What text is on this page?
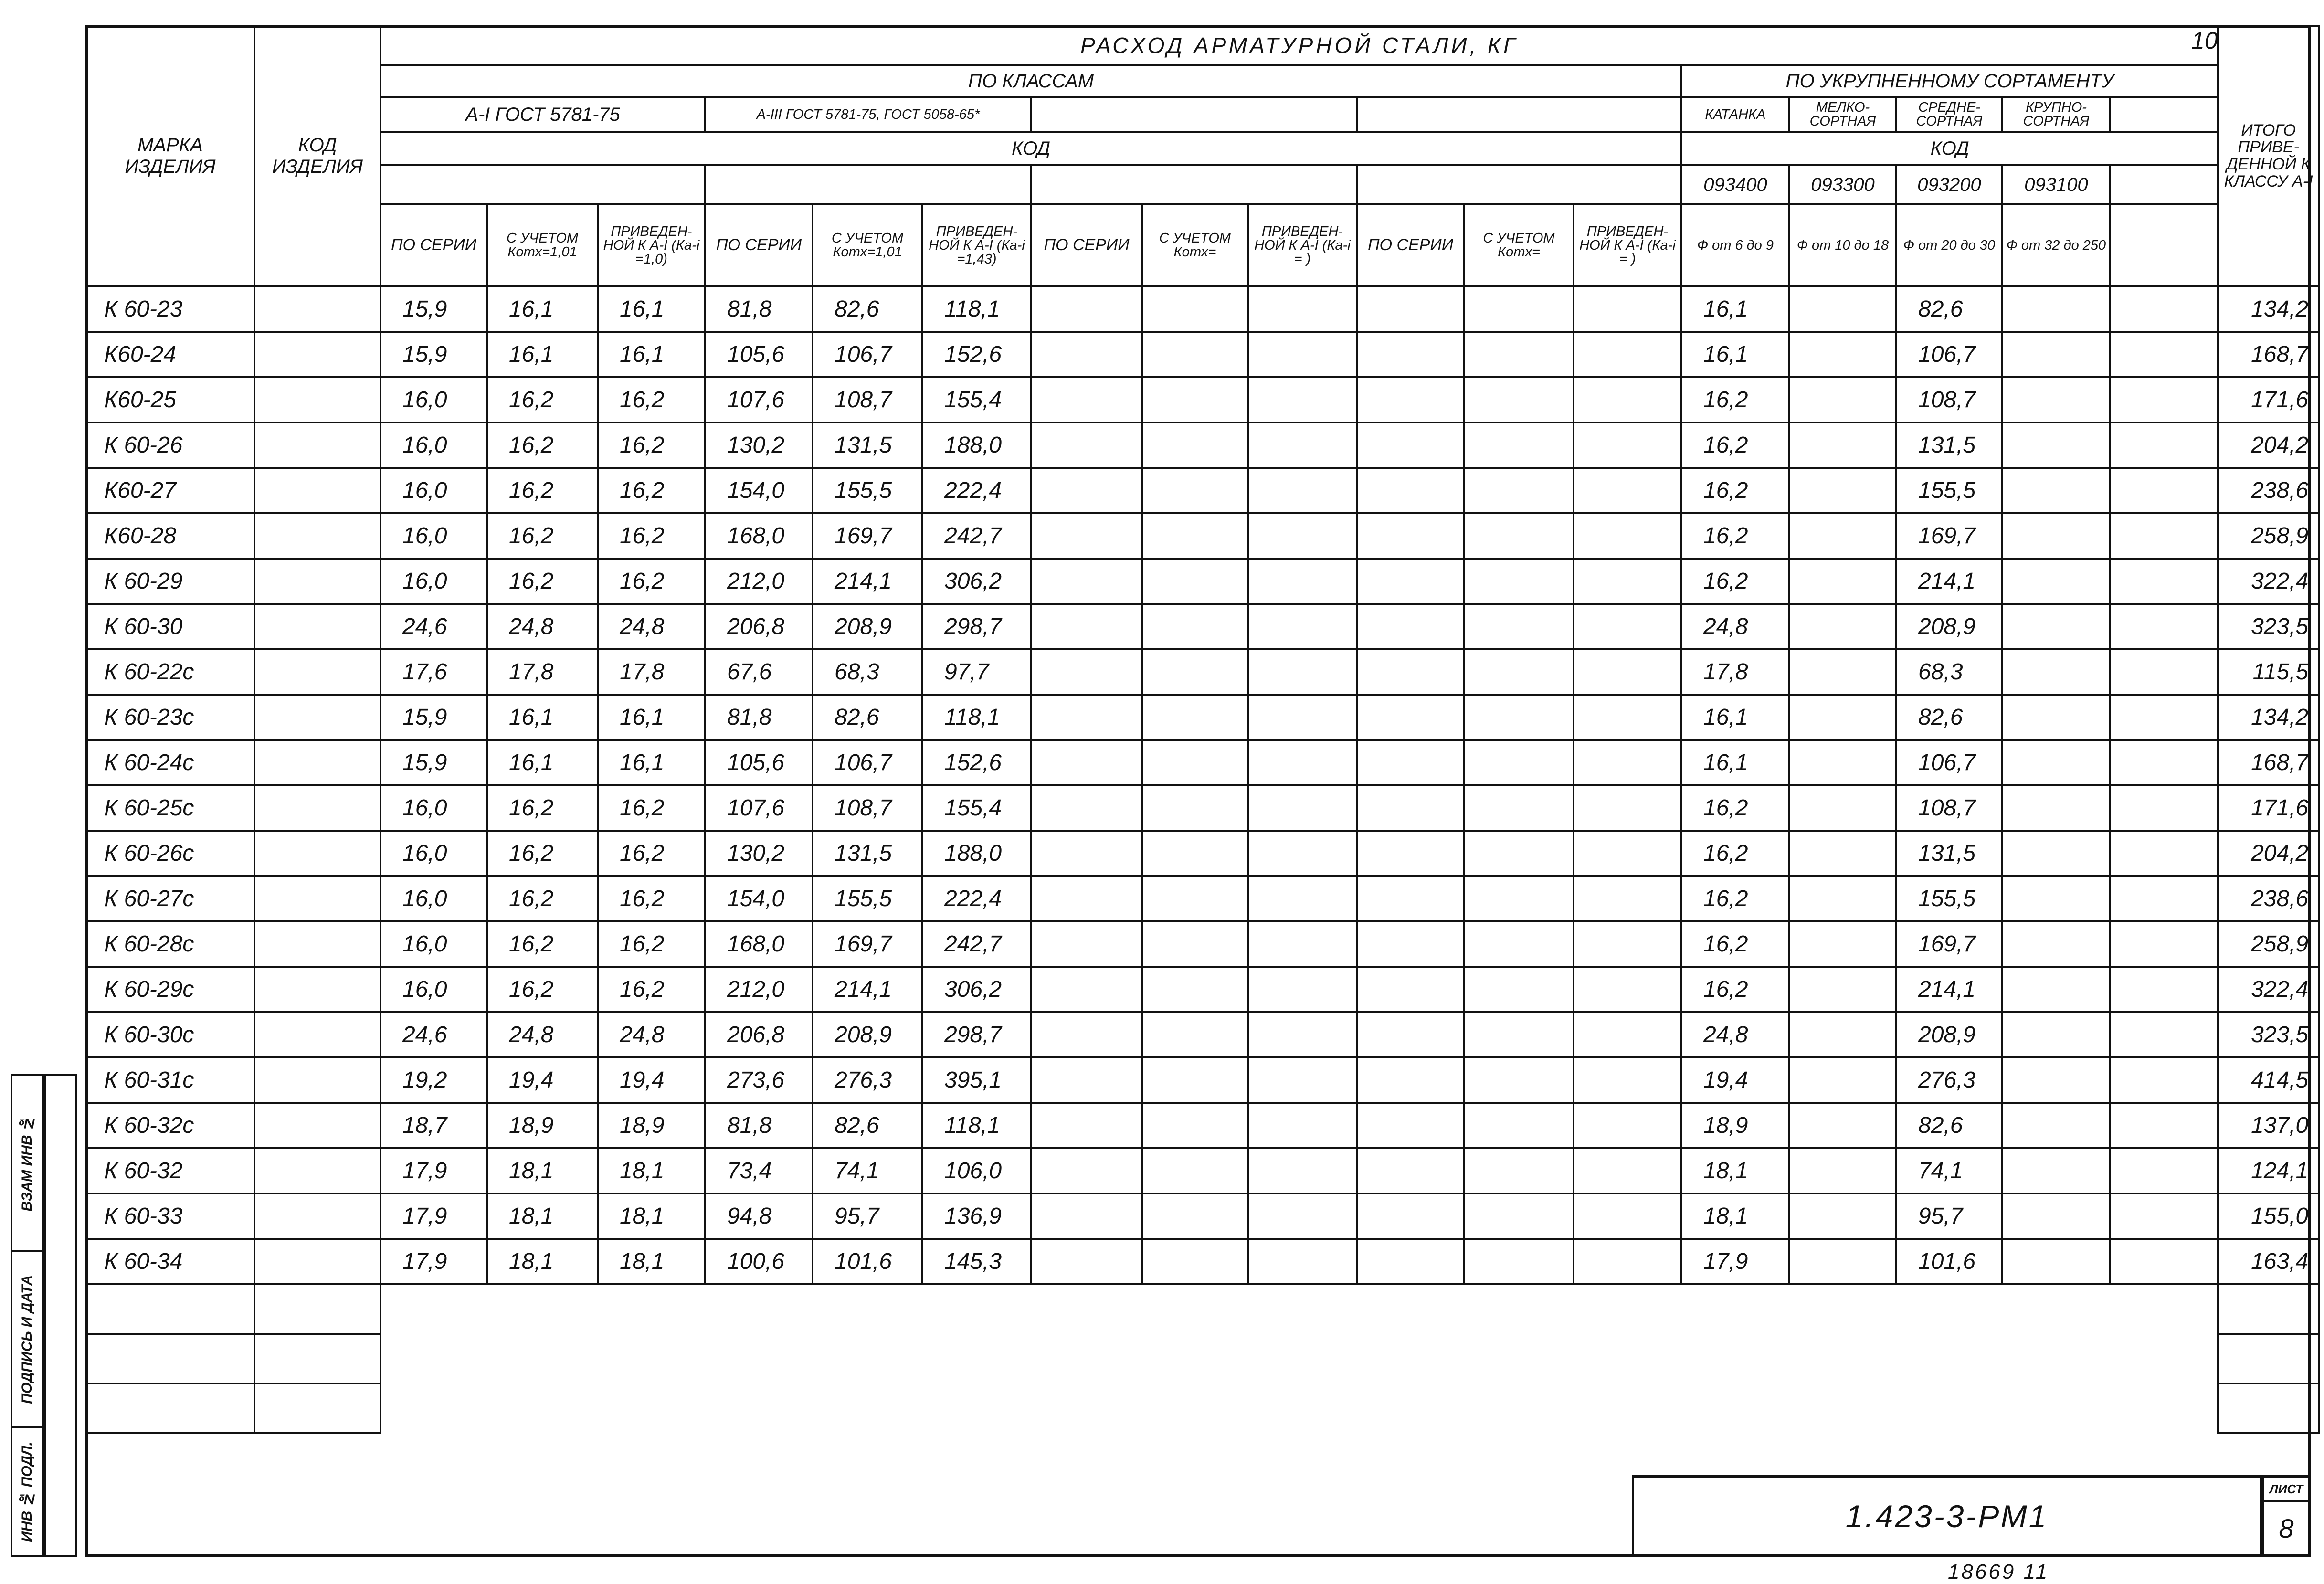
МАРКА ИЗДЕЛИЯ	КОД ИЗДЕЛИЯ	РАСХОД АРМАТУРНОЙ СТАЛИ, КГ																	ИТОГО ПРИВЕ-ДЕННОЙ К КЛАССУ А-І
		ПО КЛАССАМ												ПО УКРУПНЕННОМУ СОРТАМЕНТУ					
		А-І ГОСТ 5781-75			А-ІІІ ГОСТ 5781-75, ГОСТ 5058-65*									КАТАНКА	МЕЛКО-СОРТНАЯ	СРЕДНЕ-СОРТНАЯ	КРУПНО-СОРТНАЯ		
		КОД												КОД					
														093400	093300	093200	093100		
		ПО СЕРИИ	С УЧЕТОМ Котх=1,01	ПРИВЕДЕН-НОЙ К А-І (Ка-і =1,0)	ПО СЕРИИ	С УЧЕТОМ Котх=1,01	ПРИВЕДЕН-НОЙ К А-І (Ка-і =1,43)	ПО СЕРИИ	С УЧЕТОМ Котх=	ПРИВЕДЕН-НОЙ К А-І (Ка-і = )	ПО СЕРИИ	С УЧЕТОМ Котх=	ПРИВЕДЕН-НОЙ К А-І (Ка-і = )	Ф от 6 до 9	Ф от 10 до 18	Ф от 20 до 30	Ф от 32 до 250		
К 60-23		15,9	16,1	16,1	81,8	82,6	118,1							16,1		82,6			134,2
К60-24		15,9	16,1	16,1	105,6	106,7	152,6							16,1		106,7			168,7
К60-25		16,0	16,2	16,2	107,6	108,7	155,4							16,2		108,7			171,6
К 60-26		16,0	16,2	16,2	130,2	131,5	188,0							16,2		131,5			204,2
К60-27		16,0	16,2	16,2	154,0	155,5	222,4							16,2		155,5			238,6
К60-28		16,0	16,2	16,2	168,0	169,7	242,7							16,2		169,7			258,9
К 60-29		16,0	16,2	16,2	212,0	214,1	306,2							16,2		214,1			322,4
К 60-30		24,6	24,8	24,8	206,8	208,9	298,7							24,8		208,9			323,5
К 60-22с		17,6	17,8	17,8	67,6	68,3	97,7							17,8		68,3			115,5
К 60-23с		15,9	16,1	16,1	81,8	82,6	118,1							16,1		82,6			134,2
К 60-24с		15,9	16,1	16,1	105,6	106,7	152,6							16,1		106,7			168,7
К 60-25с		16,0	16,2	16,2	107,6	108,7	155,4							16,2		108,7			171,6
К 60-26с		16,0	16,2	16,2	130,2	131,5	188,0							16,2		131,5			204,2
К 60-27с		16,0	16,2	16,2	154,0	155,5	222,4							16,2		155,5			238,6
К 60-28с		16,0	16,2	16,2	168,0	169,7	242,7							16,2		169,7			258,9
К 60-29с		16,0	16,2	16,2	212,0	214,1	306,2							16,2		214,1			322,4
К 60-30с		24,6	24,8	24,8	206,8	208,9	298,7							24,8		208,9			323,5
К 60-31с		19,2	19,4	19,4	273,6	276,3	395,1							19,4		276,3			414,5
К 60-32с		18,7	18,9	18,9	81,8	82,6	118,1							18,9		82,6			137,0
К 60-32		17,9	18,1	18,1	73,4	74,1	106,0							18,1		74,1			124,1
К 60-33		17,9	18,1	18,1	94,8	95,7	136,9							18,1		95,7			155,0
К 60-34		17,9	18,1	18,1	100,6	101,6	145,3							17,9		101,6			163,4

ВЗАМ ИНВ №
ПОДПИСЬ И ДАТА
ИНВ № ПОДЛ.	1.423-3-РМ1
ЛИСТ
8
18669 11
10
